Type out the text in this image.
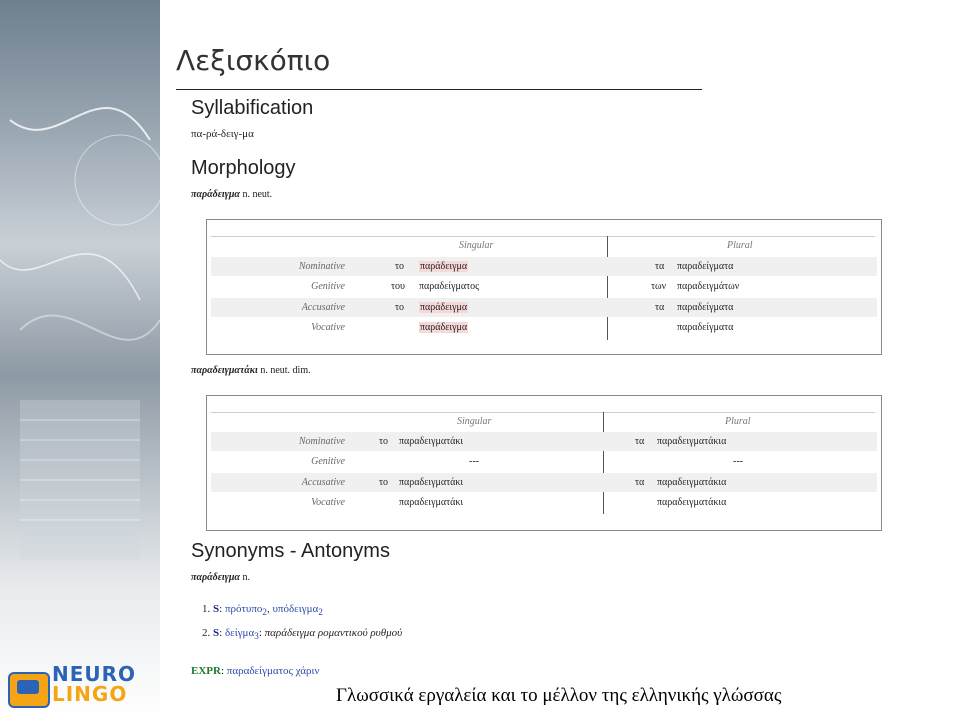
NEURO
LINGO
Λεξισκόπιο
Syllabification
πα-ρά-δειγ-μα
Morphology
παράδειγμα n. neut.
Singular	Plural
Nominative	το παράδειγμα	τα παραδείγματα
Genitive	του παραδείγματος	των παραδειγμάτων
Accusative	το παράδειγμα	τα παραδείγματα
Vocative	παράδειγμα	παραδείγματα
παραδειγματάκι n. neut. dim.
Singular	Plural
Nominative	το παραδειγματάκι	τα παραδειγματάκια
Genitive	---	---
Accusative	το παραδειγματάκι	τα παραδειγματάκια
Vocative	παραδειγματάκι	παραδειγματάκια
Synonyms - Antonyms
παράδειγμα n.
1. S: πρότυπο$_2$, υπόδειγμα$_2$
2. S: δείγμα$_3$: παράδειγμα ρομαντικού ρυθμού
EXPR: παραδείγματος χάριν
Γλωσσικά εργαλεία και το μέλλον της ελληνικής γλώσσας
